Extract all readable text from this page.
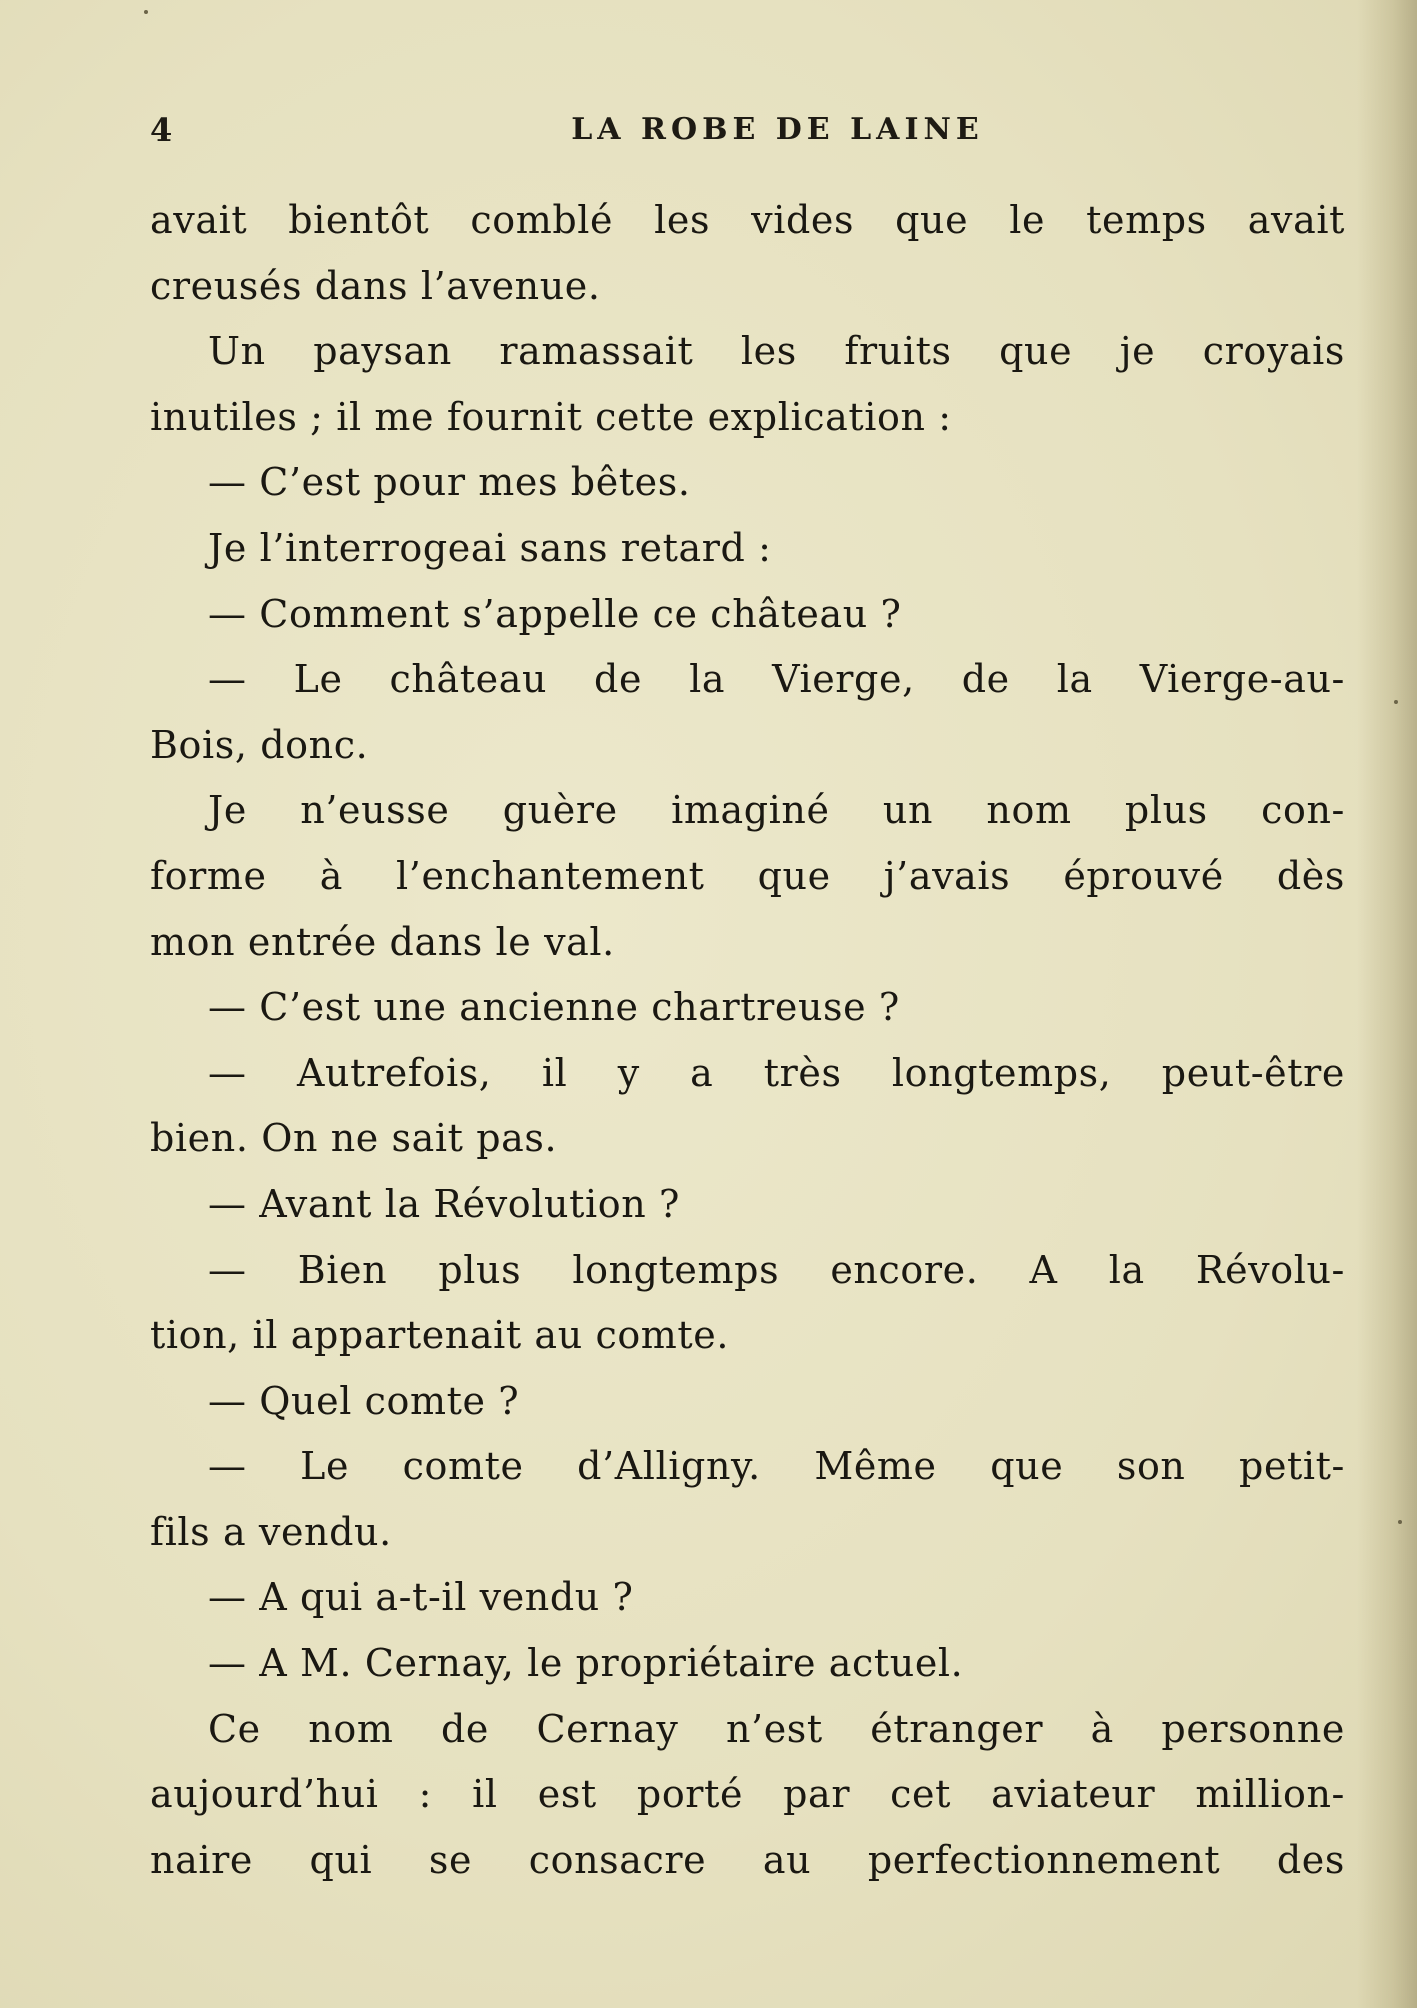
4	LA ROBE DE LAINE
avait bientôt comblé les vides que le temps avait
creusés dans l’avenue.
Un paysan ramassait les fruits que je croyais
inutiles ; il me fournit cette explication :
— C’est pour mes bêtes.
Je l’interrogeai sans retard :
— Comment s’appelle ce château ?
— Le château de la Vierge, de la Vierge-au-
Bois, donc.
Je n’eusse guère imaginé un nom plus con-
forme à l’enchantement que j’avais éprouvé dès
mon entrée dans le val.
— C’est une ancienne chartreuse ?
— Autrefois, il y a très longtemps, peut-être
bien. On ne sait pas.
— Avant la Révolution ?
— Bien plus longtemps encore. A la Révolu-
tion, il appartenait au comte.
— Quel comte ?
— Le comte d’Alligny. Même que son petit-
fils a vendu.
— A qui a-t-il vendu ?
— A M. Cernay, le propriétaire actuel.
Ce nom de Cernay n’est étranger à personne
aujourd’hui : il est porté par cet aviateur million-
naire qui se consacre au perfectionnement des
